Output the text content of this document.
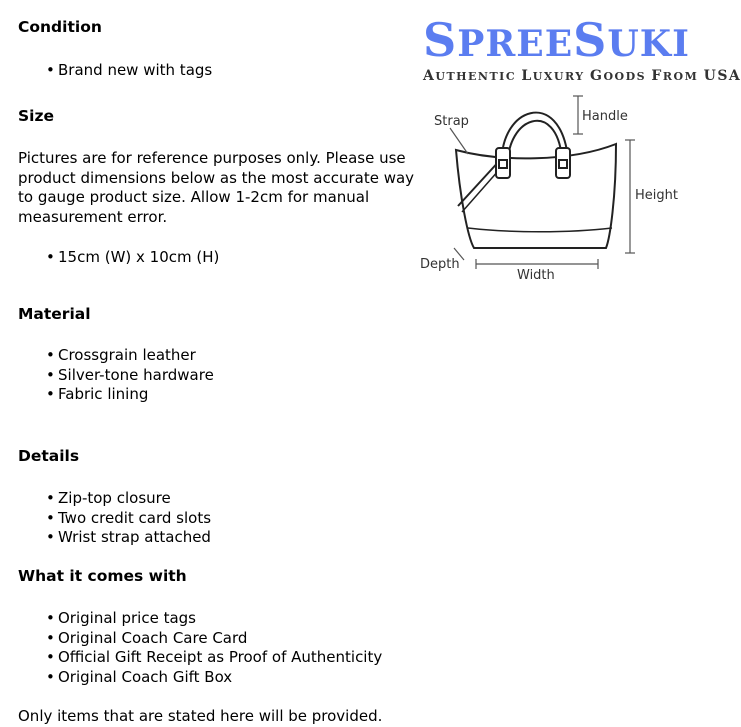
Condition
• Brand new with tags
Size

Pictures are for reference purposes only. Please use product dimensions below as the most accurate way to gauge product size. Allow 1-2cm for manual measurement error.

• 15cm (W) x 10cm (H)
Material
• Crossgrain leather
• Silver-tone hardware
• Fabric lining
Details
• Zip-top closure
• Two credit card slots
• Wrist strap attached
What it comes with
• Original price tags
• Original Coach Care Card
• Official Gift Receipt as Proof of Authenticity
• Original Coach Gift Box

Only items that are stated here will be provided.

SPREESUKI
AUTHENTIC LUXURY GOODS FROM USA
Strap	Handle
Height
Depth
Width
